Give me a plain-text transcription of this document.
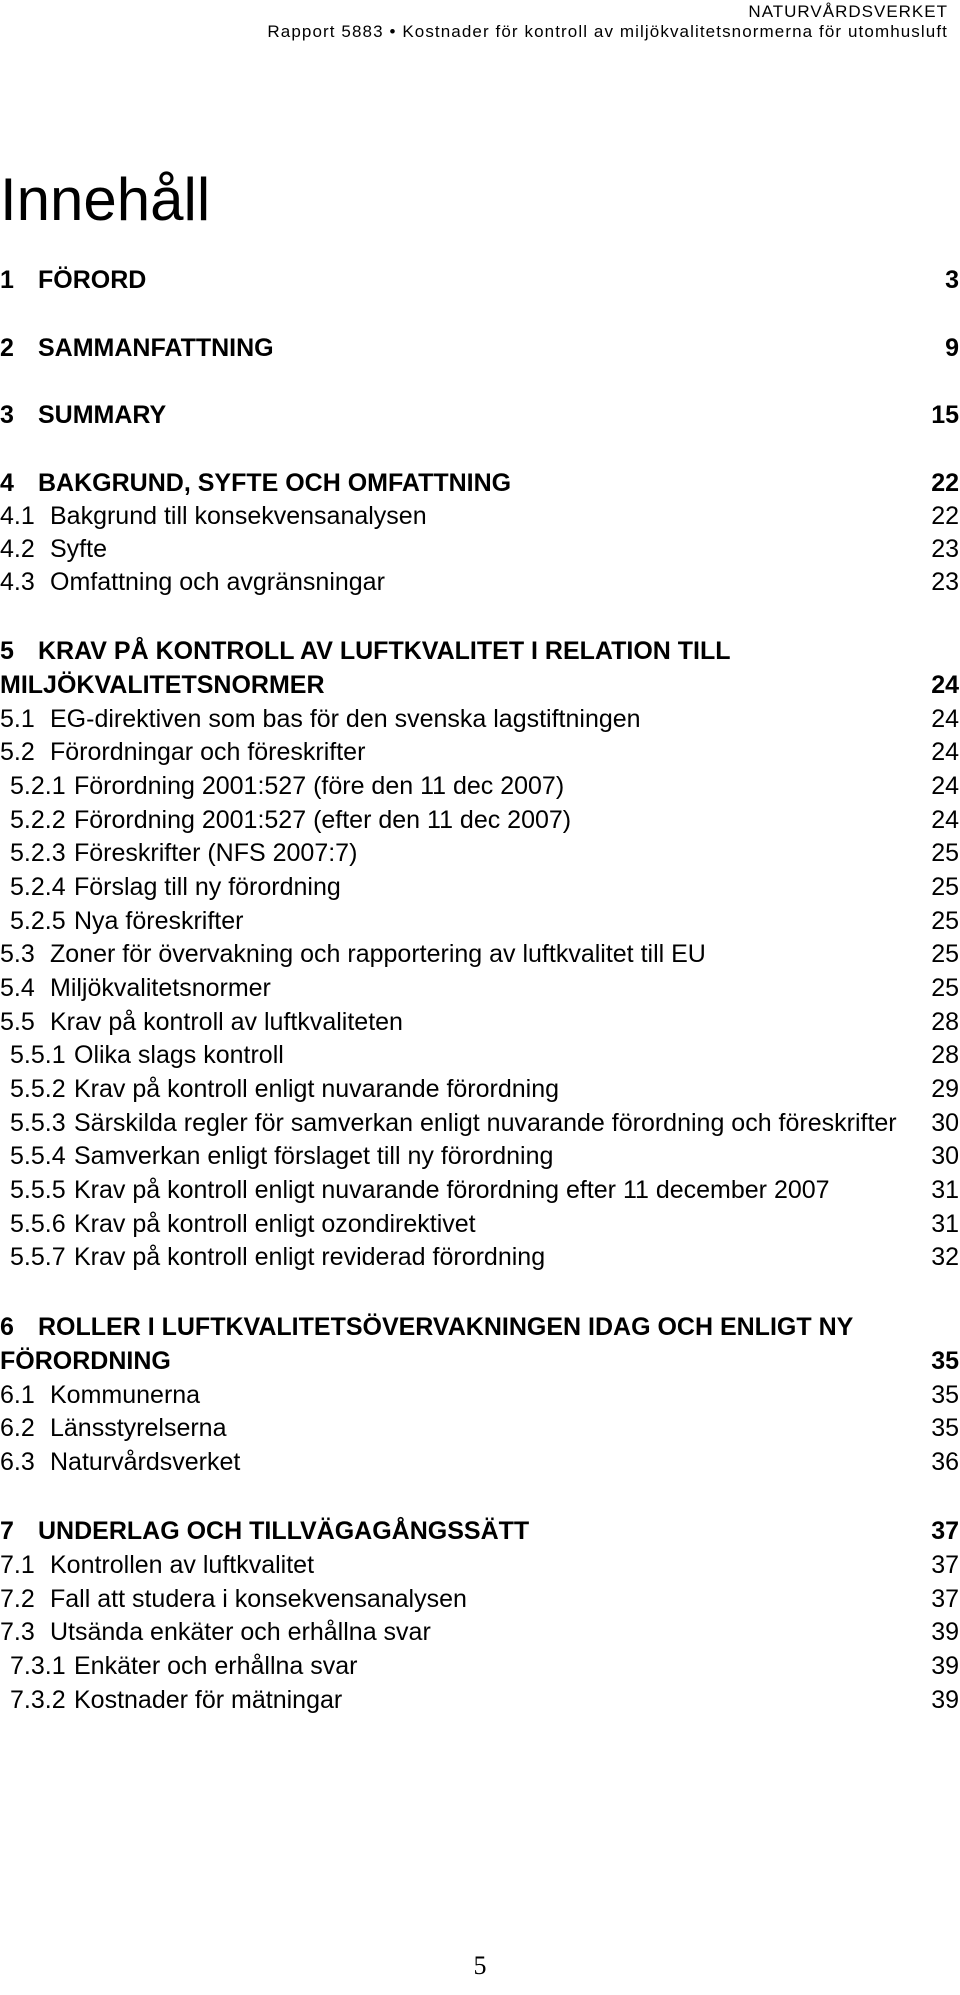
NATURVÅRDSVERKET
Rapport 5883 • Kostnader för kontroll av miljökvalitetsnormerna för utomhusluft
Innehåll
1 FÖRORD	3
2 SAMMANFATTNING	9
3 SUMMARY	15
4 BAKGRUND, SYFTE OCH OMFATTNING	22
4.1 Bakgrund till konsekvensanalysen	22
4.2 Syfte	23
4.3 Omfattning och avgränsningar	23
5 KRAV PÅ KONTROLL AV LUFTKVALITET I RELATION TILL
MILJÖKVALITETSNORMER	24
5.1 EG-direktiven som bas för den svenska lagstiftningen	24
5.2 Förordningar och föreskrifter	24
5.2.1 Förordning 2001:527 (före den 11 dec 2007)	24
5.2.2 Förordning 2001:527 (efter den 11 dec 2007)	24
5.2.3 Föreskrifter (NFS 2007:7)	25
5.2.4 Förslag till ny förordning	25
5.2.5 Nya föreskrifter	25
5.3 Zoner för övervakning och rapportering av luftkvalitet till EU	25
5.4 Miljökvalitetsnormer	25
5.5 Krav på kontroll av luftkvaliteten	28
5.5.1 Olika slags kontroll	28
5.5.2 Krav på kontroll enligt nuvarande förordning	29
5.5.3 Särskilda regler för samverkan enligt nuvarande förordning och föreskrifter 30
5.5.4 Samverkan enligt förslaget till ny förordning	30
5.5.5 Krav på kontroll enligt nuvarande förordning efter 11 december 2007	31
5.5.6 Krav på kontroll enligt ozondirektivet	31
5.5.7 Krav på kontroll enligt reviderad förordning	32
6 ROLLER I LUFTKVALITETSÖVERVAKNINGEN IDAG OCH ENLIGT NY
FÖRORDNING	35
6.1 Kommunerna	35
6.2 Länsstyrelserna	35
6.3 Naturvårdsverket	36
7 UNDERLAG OCH TILLVÄGAGÅNGSSÄTT	37
7.1 Kontrollen av luftkvalitet	37
7.2 Fall att studera i konsekvensanalysen	37
7.3 Utsända enkäter och erhållna svar	39
7.3.1 Enkäter och erhållna svar	39
7.3.2 Kostnader för mätningar	39
5
